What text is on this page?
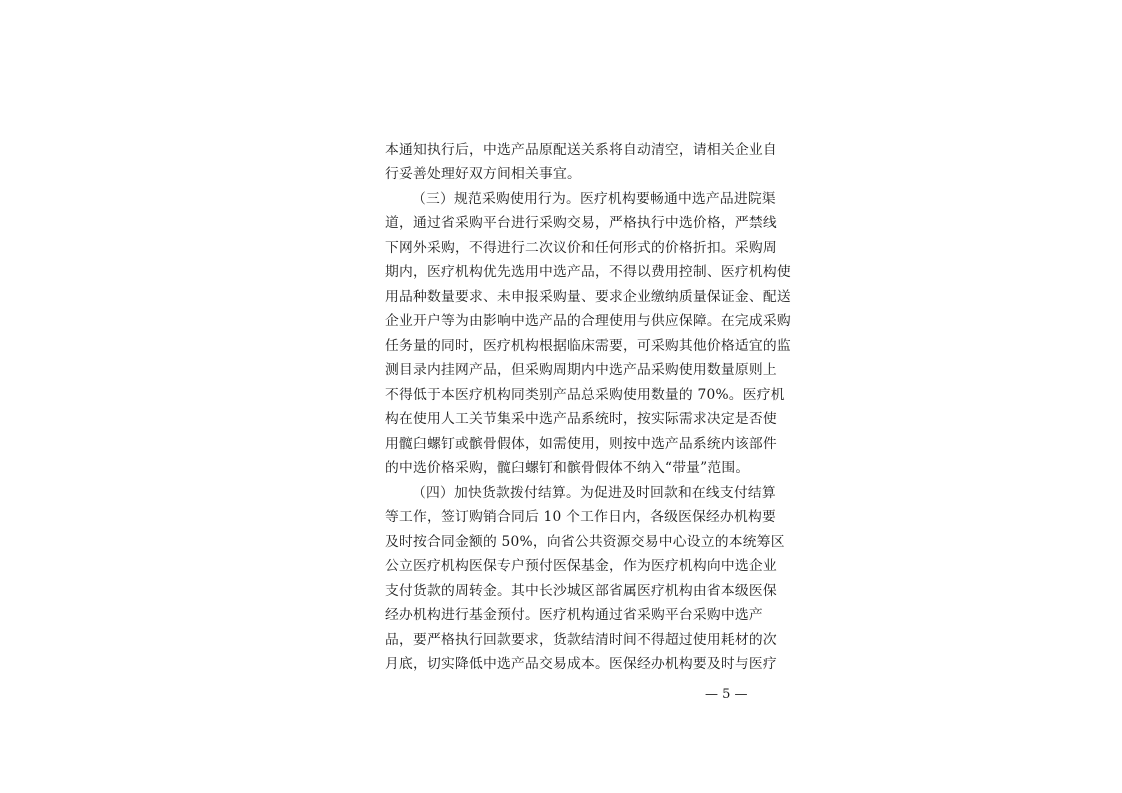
本通知执行后，中选产品原配送关系将自动清空，请相关企业自
行妥善处理好双方间相关事宜。
（三）规范采购使用行为。医疗机构要畅通中选产品进院渠
道，通过省采购平台进行采购交易，严格执行中选价格，严禁线
下网外采购，不得进行二次议价和任何形式的价格折扣。采购周
期内，医疗机构优先选用中选产品，不得以费用控制、医疗机构使
用品种数量要求、未申报采购量、要求企业缴纳质量保证金、配送
企业开户等为由影响中选产品的合理使用与供应保障。在完成采购
任务量的同时，医疗机构根据临床需要，可采购其他价格适宜的监
测目录内挂网产品，但采购周期内中选产品采购使用数量原则上
不得低于本医疗机构同类别产品总采购使用数量的 70%。医疗机
构在使用人工关节集采中选产品系统时，按实际需求决定是否使
用髋臼螺钉或髌骨假体，如需使用，则按中选产品系统内该部件
的中选价格采购，髋臼螺钉和髌骨假体不纳入“带量”范围。
（四）加快货款拨付结算。为促进及时回款和在线支付结算
等工作，签订购销合同后 10 个工作日内，各级医保经办机构要
及时按合同金额的 50%，向省公共资源交易中心设立的本统筹区
公立医疗机构医保专户预付医保基金，作为医疗机构向中选企业
支付货款的周转金。其中长沙城区部省属医疗机构由省本级医保
经办机构进行基金预付。医疗机构通过省采购平台采购中选产
品，要严格执行回款要求，货款结清时间不得超过使用耗材的次
月底，切实降低中选产品交易成本。医保经办机构要及时与医疗
— 5 —
